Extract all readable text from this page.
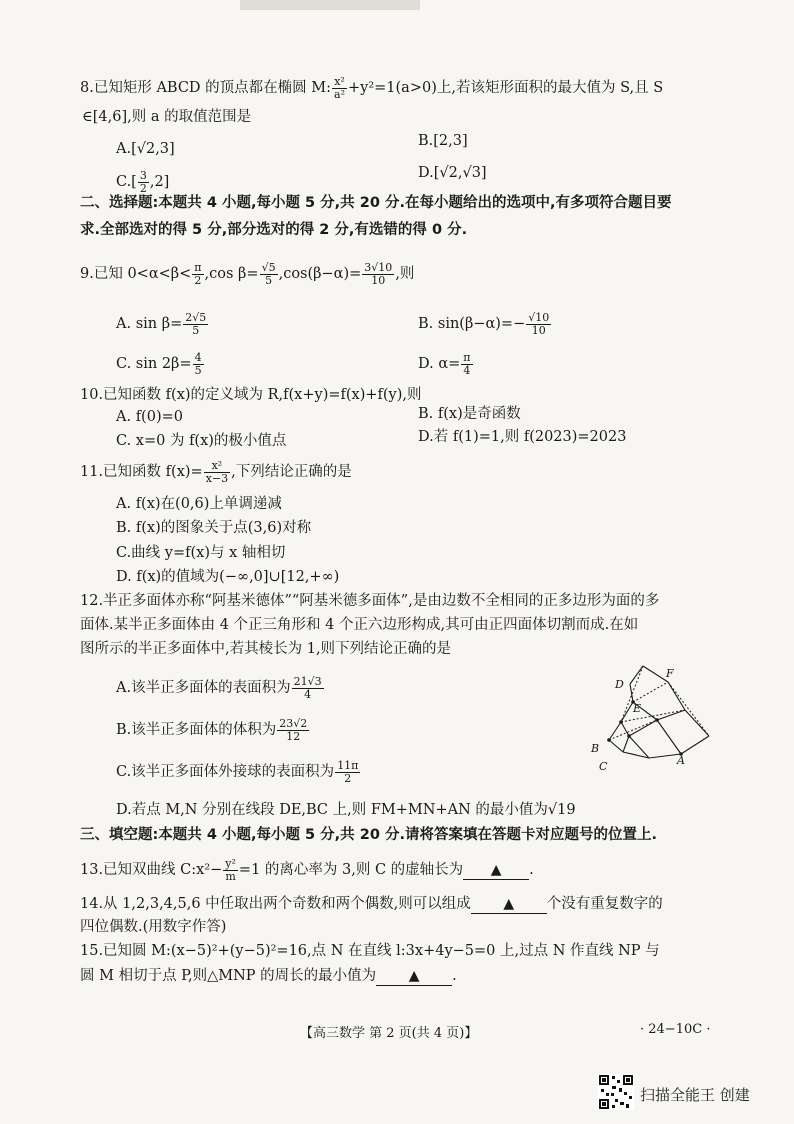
8.已知矩形 ABCD 的顶点都在椭圆 M: $\frac{\text{x²}}{\text{a²}} +y^2=1(a>0)$上,若该矩形面积的最大值为 S,且 S
∈[4,6],则 a 的取值范围是
A.[√2,3]	B.[2,3]
$C.[ \frac{3}{2} ,2]$
D.[√2,√3]
二、选择题:本题共 4 小题,每小题 5 分,共 20 分.在每小题给出的选项中,有多项符合题目要
求.全部选对的得 5 分,部分选对的得 2 分,有选错的得 0 分.
9.已知 $0<\alpha<\beta< \frac{\pi}{2} ,\cos$ $\beta= \frac{√5}{5} ,\cos(\beta-\alpha)= \frac{3√10}{10}$ ,则
A. $\sin \beta= \frac{2√5}{5}$	B. $\sin(\beta-\alpha)=- \frac{√10}{10}$
C. $\sin 2\beta= \frac{4}{5}$	D. $\alpha= \frac{\pi}{4}$
10.已知函数 f(x)的定义域为 R,f(x+y)=f(x)+f(y),则
A. f(0)=0	B. f(x)是奇函数
C. x=0 为 f(x)的极小值点	D.若 f(1)=1,则 f(2023)=2023
11.已知函数 $f(x)= \frac{\text{x²}}{x-3}$ ,下列结论正确的是
A. f(x)在(0,6)上单调递减
B. f(x)的图象关于点(3,6)对称
C.曲线 y=f(x)与 x 轴相切
D. f(x)的值域为(−∞,0]∪[12,+∞)
12.半正多面体亦称“阿基米德体”“阿基米德多面体”,是由边数不全相同的正多边形为面的多
面体.某半正多面体由 4 个正三角形和 4 个正六边形构成,其可由正四面体切割而成.在如
图所示的半正多面体中,若其棱长为 1,则下列结论正确的是
A.该半正多面体的表面积为 $\frac{21√3}{4}$
B.该半正多面体的体积为 $\frac{23√2}{12}$
C.该半正多面体外接球的表面积为 $\frac{11\pi}{2}$
D.若点 M,N 分别在线段 DE,BC 上,则 FM+MN+AN 的最小值为√19
D
F
E
B
C	A
三、填空题:本题共 4 小题,每小题 5 分,共 20 分.请将答案填在答题卡对应题号的位置上.
13.已知双曲线 C:x²− $\frac{\text{y²}}{m} =1$ 的离心率为 3,则 C 的虚轴长为 ▲ .
14.从 1,2,3,4,5,6 中任取出两个奇数和两个偶数,则可以组成 ▲ 个没有重复数字的
四位偶数.(用数字作答)
15.已知圆 M:(x−5)²+(y−5)²=16,点 N 在直线 l:3x+4y−5=0 上,过点 N 作直线 NP 与
圆 M 相切于点 P,则△MNP 的周长的最小值为 ▲ .
【高三数学 第 2 页(共 4 页)】	· 24−10C ·
扫描全能王 创建
